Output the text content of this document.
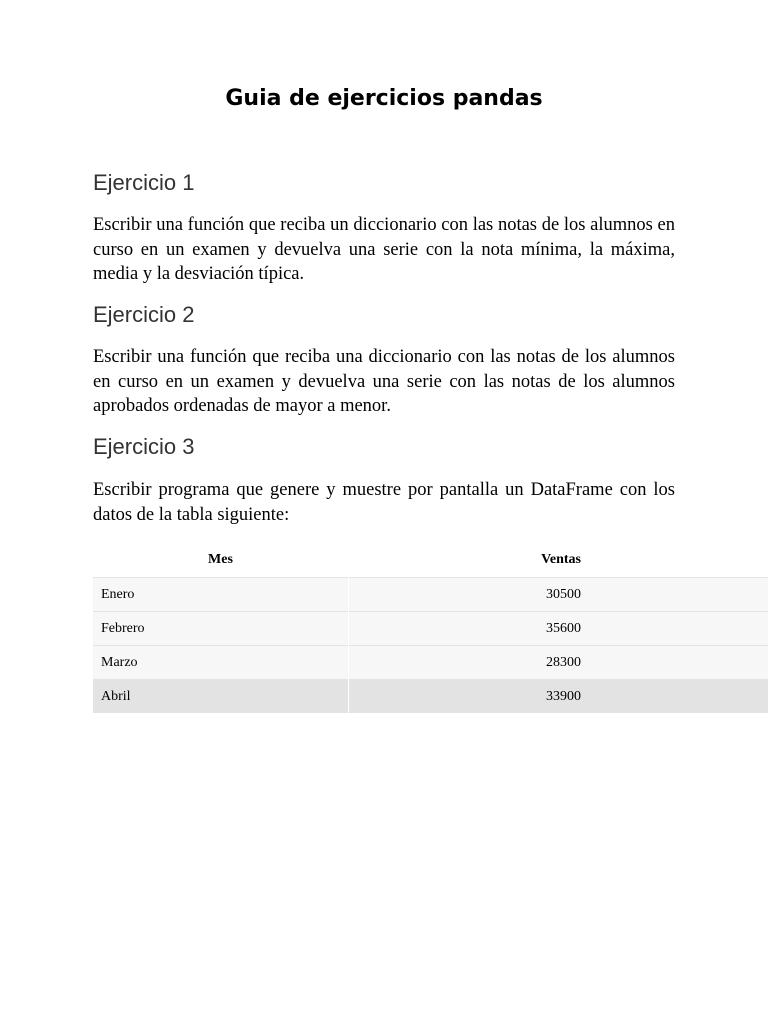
Guia de ejercicios pandas
Ejercicio 1

Escribir una función que reciba un diccionario con las notas de los alumnos en curso en un examen y devuelva una serie con la nota mínima, la máxima, media y la desviación típica.

Ejercicio 2

Escribir una función que reciba una diccionario con las notas de los alumnos en curso en un examen y devuelva una serie con las notas de los alumnos aprobados ordenadas de mayor a menor.

Ejercicio 3

Escribir programa que genere y muestre por pantalla un DataFrame con los datos de la tabla siguiente:

Mes	Ventas	
Enero	30500	
Febrero	35600	
Marzo	28300	
Abril	33900	
